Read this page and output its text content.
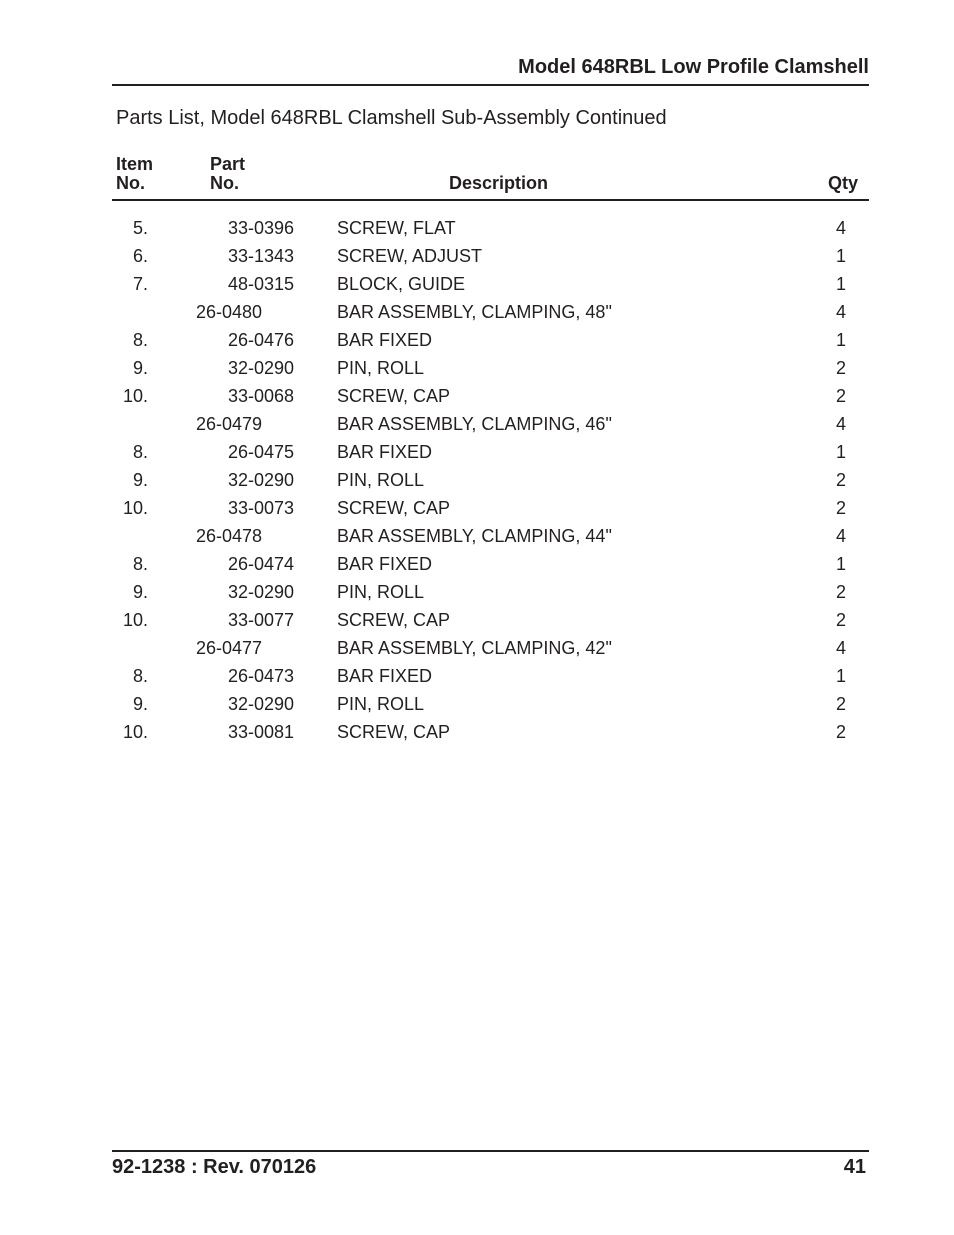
Model 648RBL Low Profile Clamshell
Parts List, Model 648RBL Clamshell Sub-Assembly Continued
Item
No.
Part
No.	Description	Qty
5.	33-0396 SCREW, FLAT	4
6.	33-1343 SCREW, ADJUST	1
7.	48-0315 BLOCK, GUIDE	1
26-0480	BAR ASSEMBLY, CLAMPING, 48"	4
8.	26-0476 BAR FIXED	1
9.	32-0290 PIN, ROLL	2
10.	33-0068 SCREW, CAP	2
26-0479	BAR ASSEMBLY, CLAMPING, 46"	4
8.	26-0475 BAR FIXED	1
9.	32-0290 PIN, ROLL	2
10.	33-0073 SCREW, CAP	2
26-0478	BAR ASSEMBLY, CLAMPING, 44"	4
8.	26-0474 BAR FIXED	1
9.	32-0290 PIN, ROLL	2
10.	33-0077 SCREW, CAP	2
26-0477	BAR ASSEMBLY, CLAMPING, 42"	4
8.	26-0473 BAR FIXED	1
9.	32-0290 PIN, ROLL	2
10.	33-0081 SCREW, CAP	2
92-1238 : Rev. 070126	41
